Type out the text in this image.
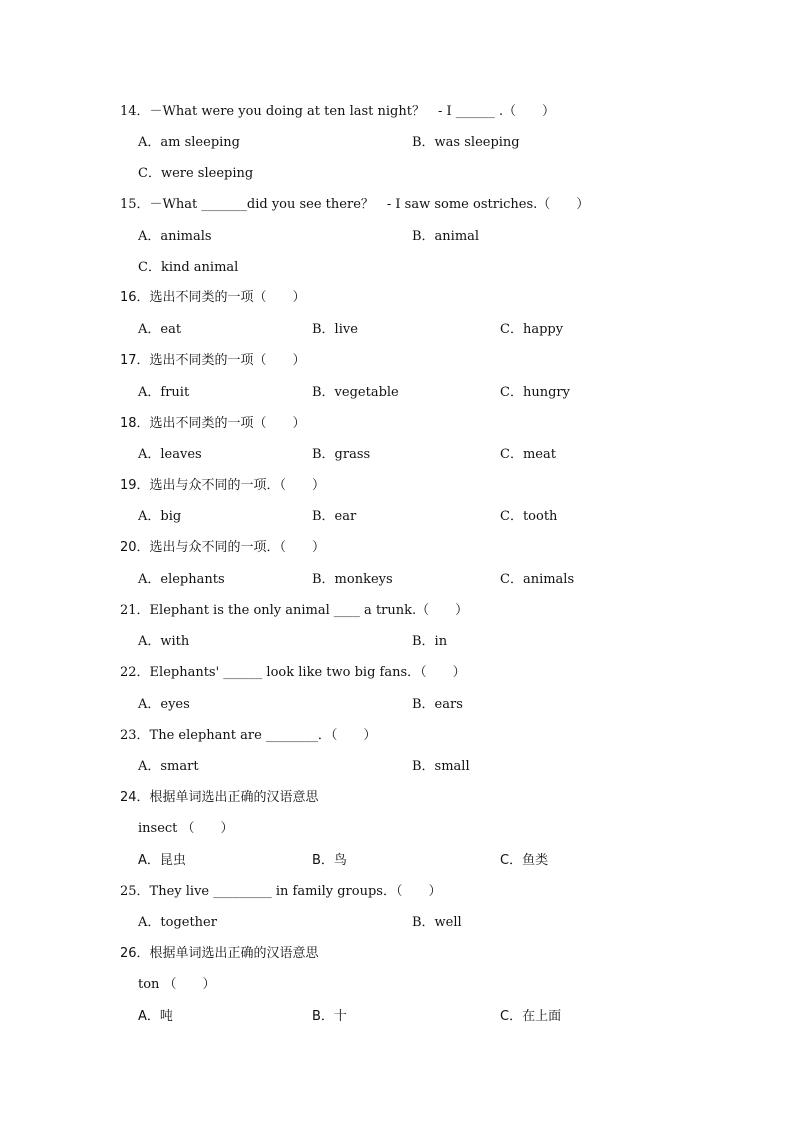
14．－What were you doing at ten last night？　- I ______ .（　　）
A．am sleeping	B．was sleeping
C．were sleeping
15．－What _______did you see there？　- I saw some ostriches.（　　）
A．animals	B．animal
C．kind animal
16．选出不同类的一项（　　）
A．eat	B．live	C．happy
17．选出不同类的一项（　　）
A．fruit	B．vegetable	C．hungry
18．选出不同类的一项（　　）
A．leaves	B．grass	C．meat
19．选出与众不同的一项．（　　）
A．big	B．ear	C．tooth
20．选出与众不同的一项．（　　）
A．elephants	B．monkeys	C．animals
21．Elephant is the only animal ____ a trunk.（　　）
A．with	B．in
22．Elephants' ______ look like two big fans．（　　）
A．eyes	B．ears
23．The elephant are ________．（　　）
A．smart	B．small
24．根据单词选出正确的汉语意思
insect （　　）
A．昆虫	B．鸟	C．鱼类
25．They live _________ in family groups．（　　）
A．together	B．well
26．根据单词选出正确的汉语意思
ton （　　）
A．吨	B．十	C．在上面
